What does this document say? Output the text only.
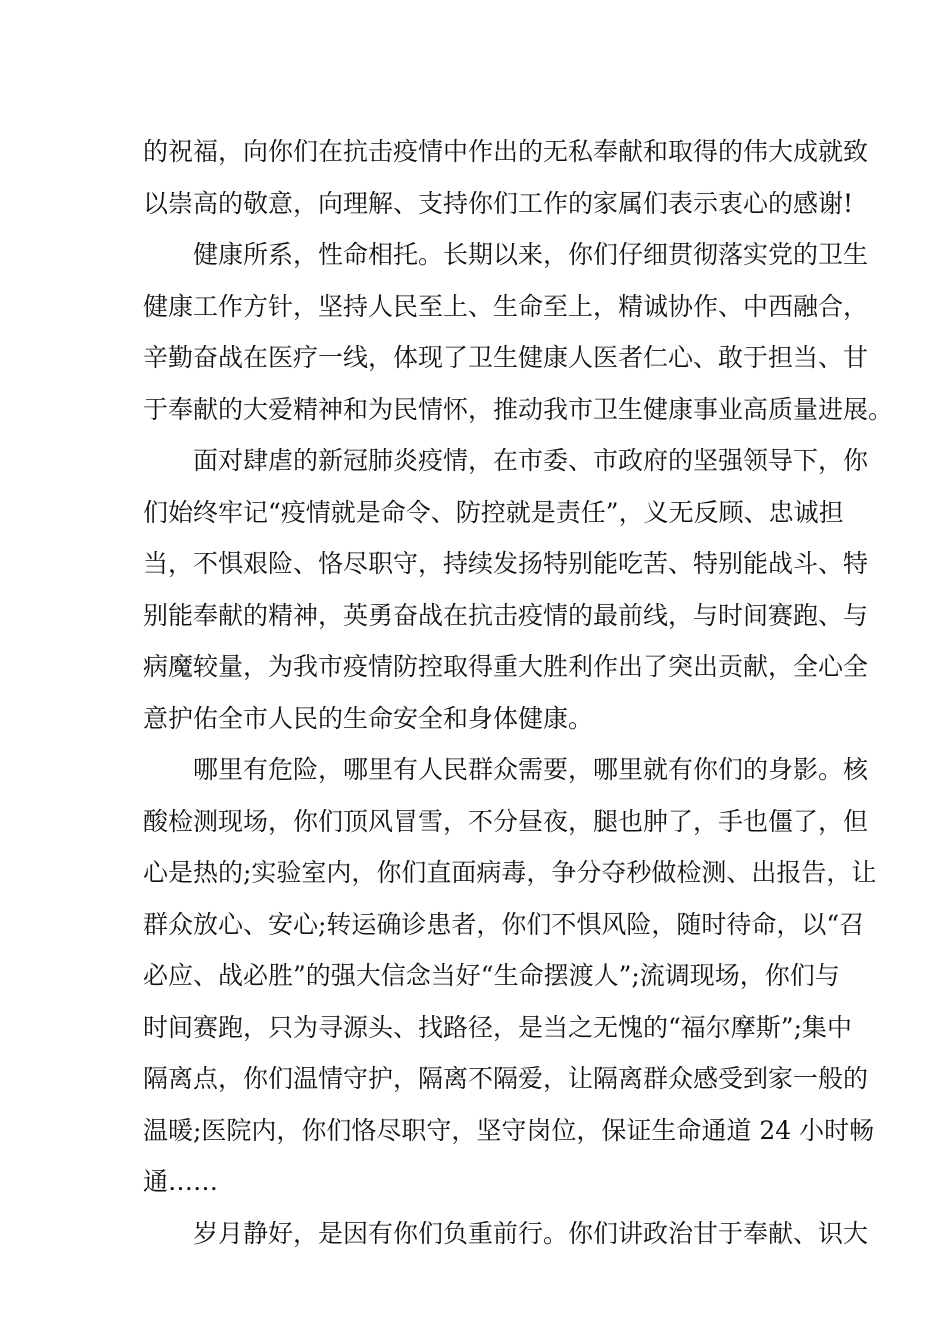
的祝福，向你们在抗击疫情中作出的无私奉献和取得的伟大成就致
以崇高的敬意，向理解、支持你们工作的家属们表示衷心的感谢!
健康所系，性命相托。长期以来，你们仔细贯彻落实党的卫生
健康工作方针，坚持人民至上、生命至上，精诚协作、中西融合，
辛勤奋战在医疗一线，体现了卫生健康人医者仁心、敢于担当、甘
于奉献的大爱精神和为民情怀，推动我市卫生健康事业高质量进展。
面对肆虐的新冠肺炎疫情，在市委、市政府的坚强领导下，你
们始终牢记“疫情就是命令、防控就是责任”，义无反顾、忠诚担
当，不惧艰险、恪尽职守，持续发扬特别能吃苦、特别能战斗、特
别能奉献的精神，英勇奋战在抗击疫情的最前线，与时间赛跑、与
病魔较量，为我市疫情防控取得重大胜利作出了突出贡献，全心全
意护佑全市人民的生命安全和身体健康。
哪里有危险，哪里有人民群众需要，哪里就有你们的身影。核
酸检测现场，你们顶风冒雪，不分昼夜，腿也肿了，手也僵了，但
心是热的;实验室内，你们直面病毒，争分夺秒做检测、出报告，让
群众放心、安心;转运确诊患者，你们不惧风险，随时待命，以“召
必应、战必胜”的强大信念当好“生命摆渡人”;流调现场，你们与
时间赛跑，只为寻源头、找路径，是当之无愧的“福尔摩斯”;集中
隔离点，你们温情守护，隔离不隔爱，让隔离群众感受到家一般的
温暖;医院内，你们恪尽职守，坚守岗位，保证生命通道 24 小时畅
通……
岁月静好，是因有你们负重前行。你们讲政治甘于奉献、识大
